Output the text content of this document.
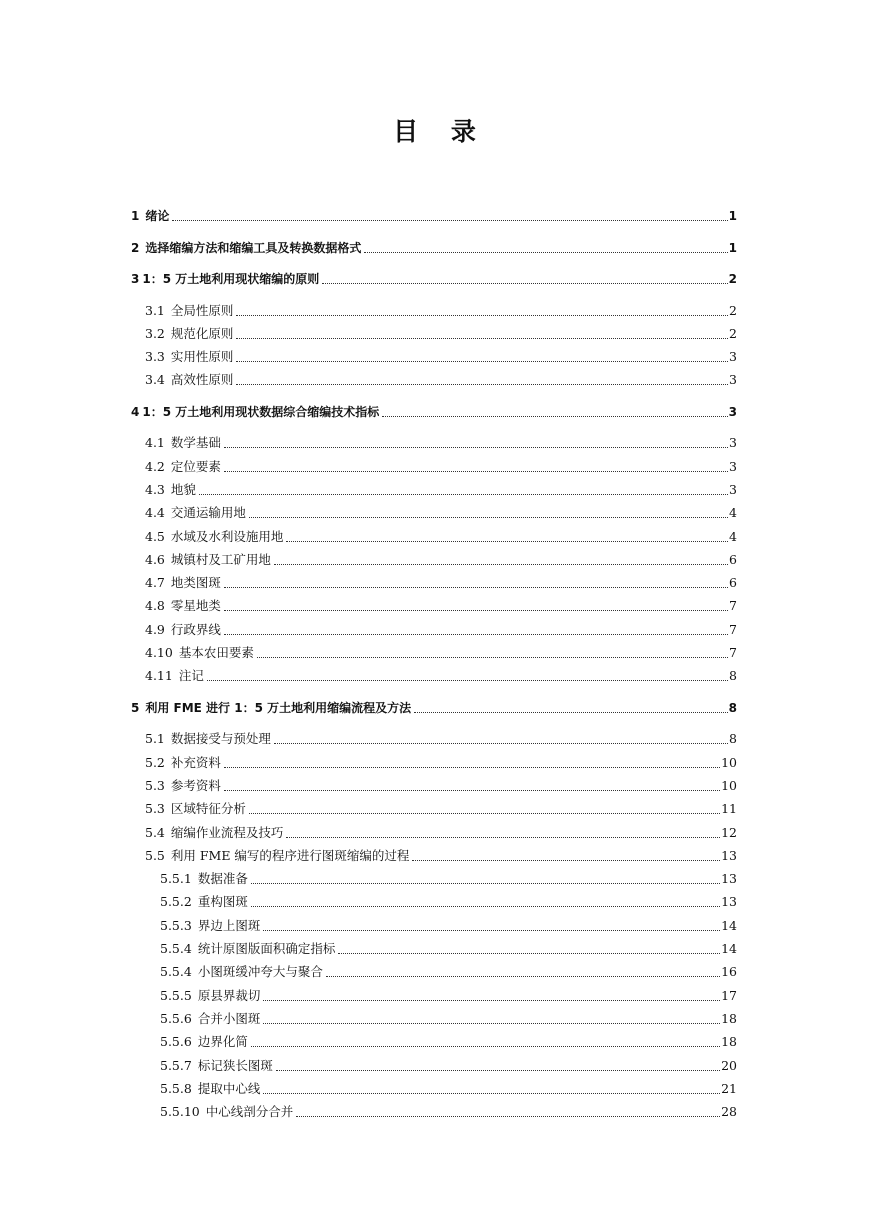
目 录
1 绪论	1
2 选择缩编方法和缩编工具及转换数据格式	1
3 1：5 万土地利用现状缩编的原则	2
3.1 全局性原则	2
3.2 规范化原则	2
3.3 实用性原则	3
3.4 高效性原则	3
4 1：5 万土地利用现状数据综合缩编技术指标	3
4.1 数学基础	3
4.2 定位要素	3
4.3 地貌	3
4.4 交通运输用地	4
4.5 水域及水利设施用地	4
4.6 城镇村及工矿用地	6
4.7 地类图斑	6
4.8 零星地类	7
4.9 行政界线	7
4.10 基本农田要素	7
4.11 注记	8
5 利用 FME 进行 1：5 万土地利用缩编流程及方法	8
5.1 数据接受与预处理	8
5.2 补充资料	10
5.3 参考资料	10
5.3 区域特征分析	11
5.4 缩编作业流程及技巧	12
5.5 利用 FME 编写的程序进行图斑缩编的过程	13
5.5.1 数据准备	13
5.5.2 重构图斑	13
5.5.3 界边上图斑	14
5.5.4 统计原图版面积确定指标	14
5.5.4 小图斑缓冲夸大与聚合	16
5.5.5 原县界裁切	17
5.5.6 合并小图斑	18
5.5.6 边界化简	18
5.5.7 标记狭长图斑	20
5.5.8 提取中心线	21
5.5.10 中心线剖分合并	28
